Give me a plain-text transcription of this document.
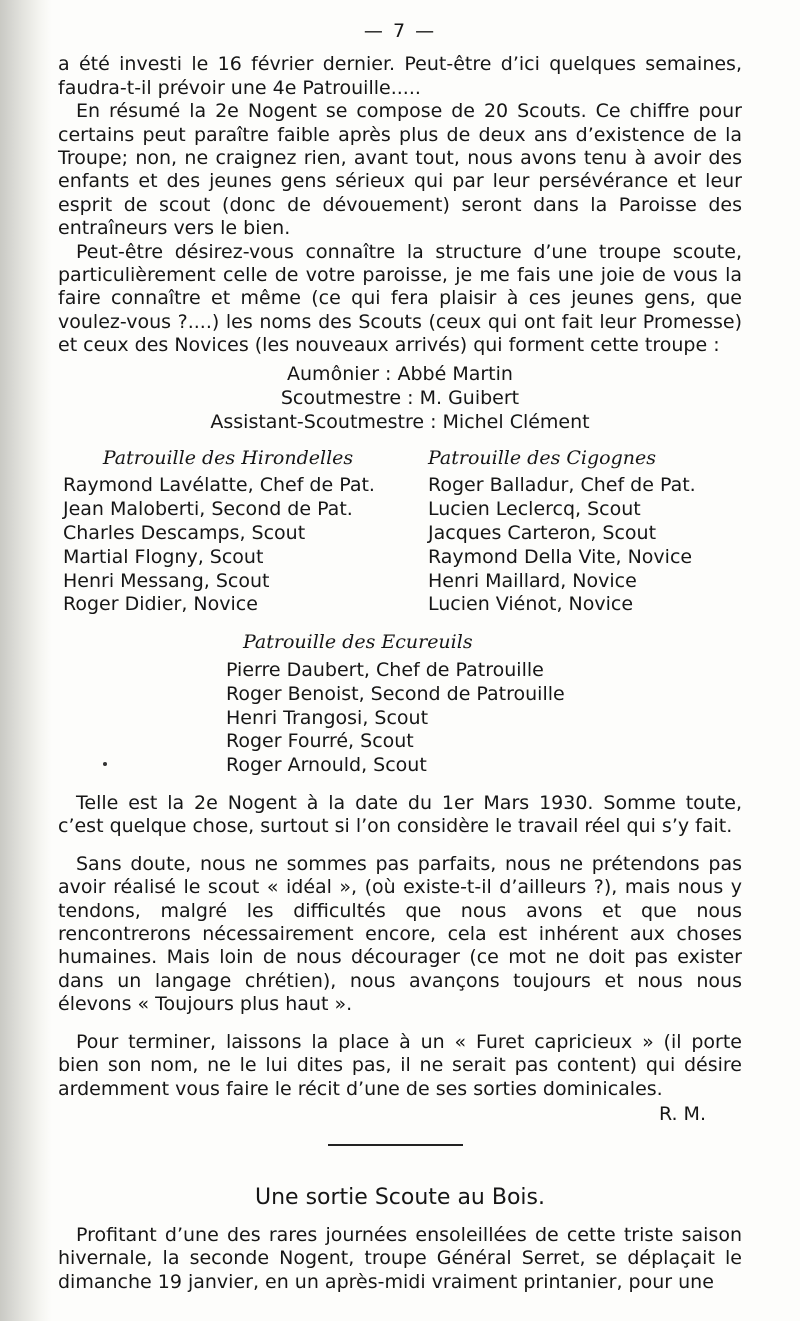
— 7 —

a été investi le 16 février dernier. Peut-être d’ici quelques semaines, faudra-t-il prévoir une 4e Patrouille.....

En résumé la 2e Nogent se compose de 20 Scouts. Ce chiffre pour certains peut paraître faible après plus de deux ans d’existence de la Troupe; non, ne craignez rien, avant tout, nous avons tenu à avoir des enfants et des jeunes gens sérieux qui par leur persévérance et leur esprit de scout (donc de dévouement) seront dans la Paroisse des entraîneurs vers le bien.

Peut-être désirez-vous connaître la structure d’une troupe scoute, particulièrement celle de votre paroisse, je me fais une joie de vous la faire connaître et même (ce qui fera plaisir à ces jeunes gens, que voulez-vous ?....) les noms des Scouts (ceux qui ont fait leur Promesse) et ceux des Novices (les nouveaux arrivés) qui forment cette troupe :

Aumônier : Abbé Martin
Scoutmestre : M. Guibert
Assistant-Scoutmestre : Michel Clément
Patrouille des Hirondelles
Raymond Lavélatte, Chef de Pat.
Jean Maloberti, Second de Pat.
Charles Descamps, Scout
Martial Flogny, Scout
Henri Messang, Scout
Roger Didier, Novice
Patrouille des Cigognes
Roger Balladur, Chef de Pat.
Lucien Leclercq, Scout
Jacques Carteron, Scout
Raymond Della Vite, Novice
Henri Maillard, Novice
Lucien Viénot, Novice
Patrouille des Ecureuils
Pierre Daubert, Chef de Patrouille
Roger Benoist, Second de Patrouille
Henri Trangosi, Scout
Roger Fourré, Scout
Roger Arnould, Scout

Telle est la 2e Nogent à la date du 1er Mars 1930. Somme toute, c’est quelque chose, surtout si l’on considère le travail réel qui s’y fait.

Sans doute, nous ne sommes pas parfaits, nous ne prétendons pas avoir réalisé le scout « idéal », (où existe-t-il d’ailleurs ?), mais nous y tendons, malgré les difficultés que nous avons et que nous rencontrerons nécessairement encore, cela est inhérent aux choses humaines. Mais loin de nous décourager (ce mot ne doit pas exister dans un langage chrétien), nous avançons toujours et nous nous élevons « Toujours plus haut ».

Pour terminer, laissons la place à un « Furet capricieux » (il porte bien son nom, ne le lui dites pas, il ne serait pas content) qui désire ardemment vous faire le récit d’une de ses sorties dominicales.

R. M.
Une sortie Scoute au Bois.

Profitant d’une des rares journées ensoleillées de cette triste saison hivernale, la seconde Nogent, troupe Général Serret, se déplaçait le dimanche 19 janvier, en un après-midi vraiment printanier, pour une
